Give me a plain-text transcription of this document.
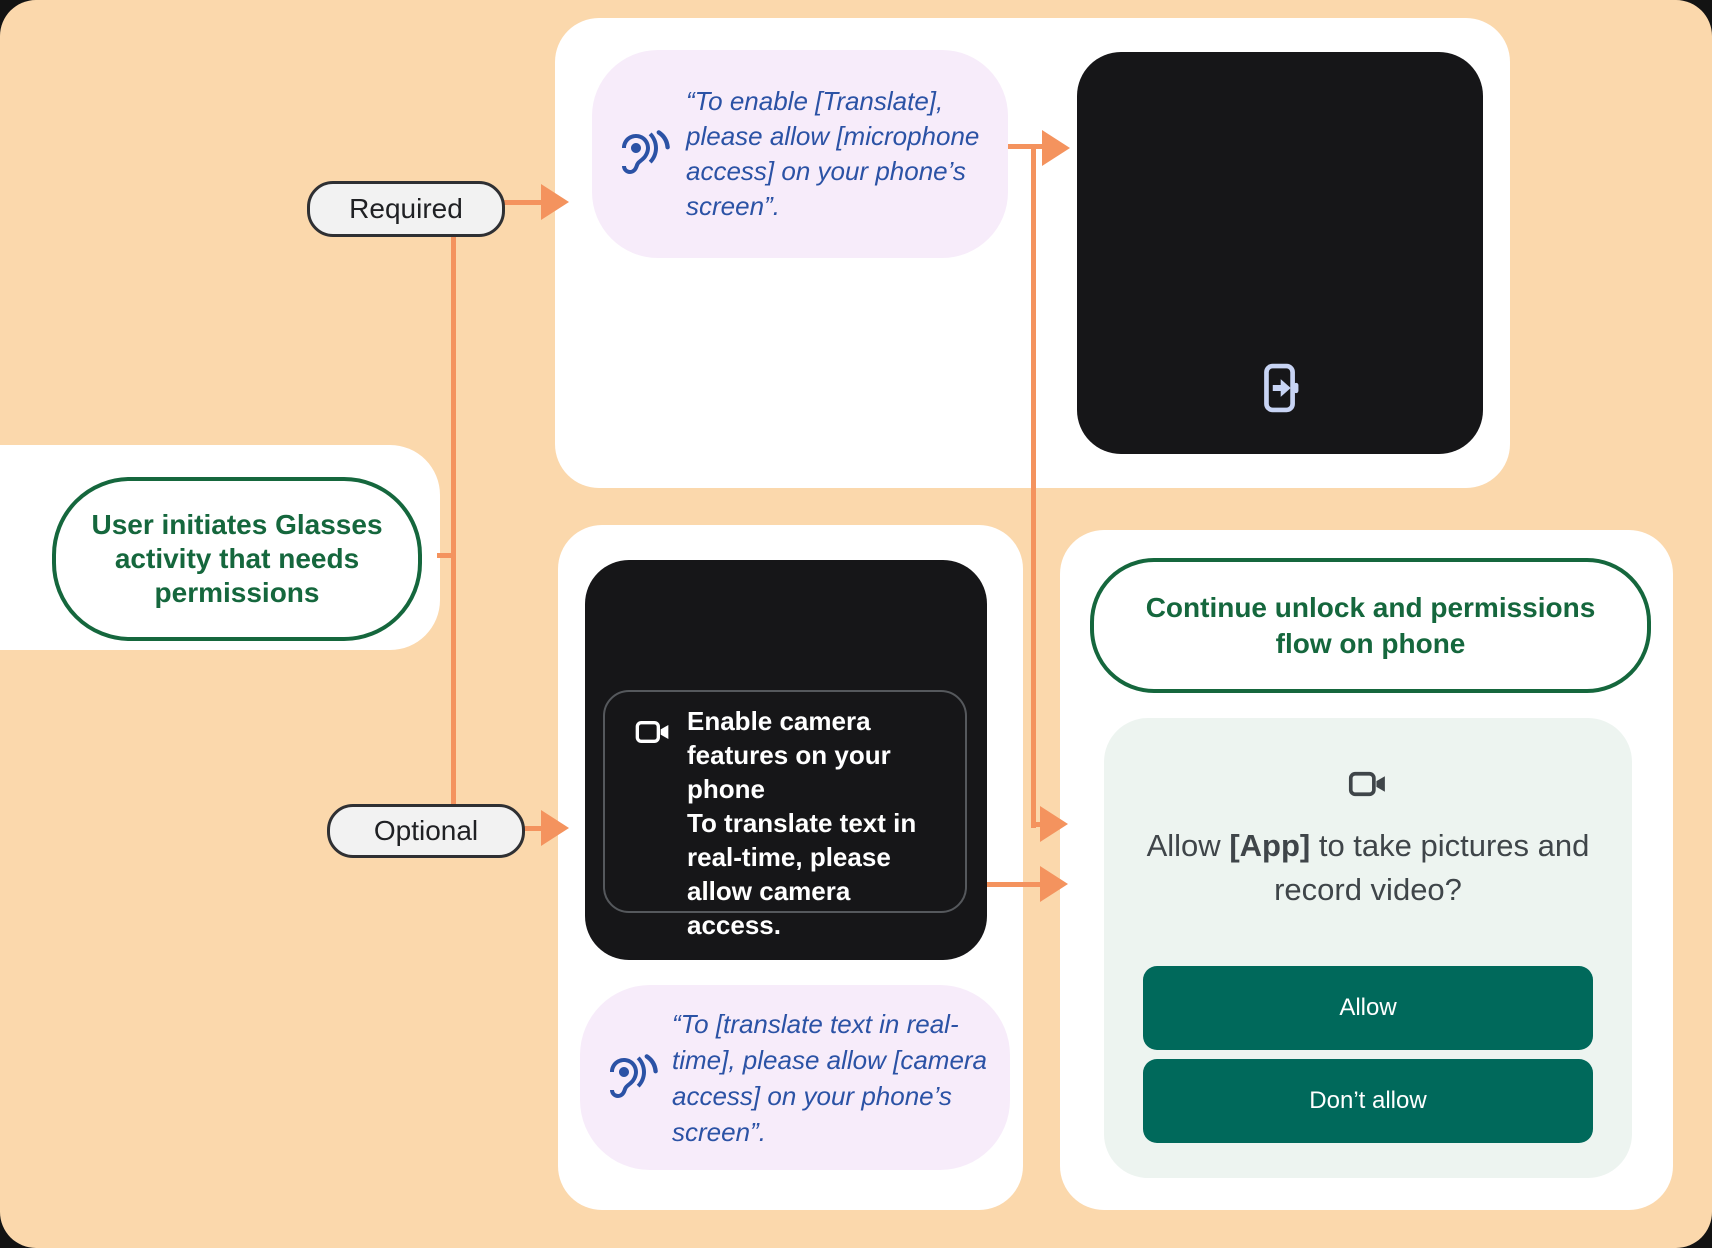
Enable camera features on your phone
To translate text in real-time, please allow camera access.
“To [translate text in real-time], please allow [camera access] on your phone’s screen”.
Continue unlock and permissions flow on phone
Allow [App] to take pictures and record video?
Allow
Don’t allow
User initiates Glasses activity that needs permissions
Required
Optional
“To enable [Translate], please allow [microphone access] on your phone’s screen”.
